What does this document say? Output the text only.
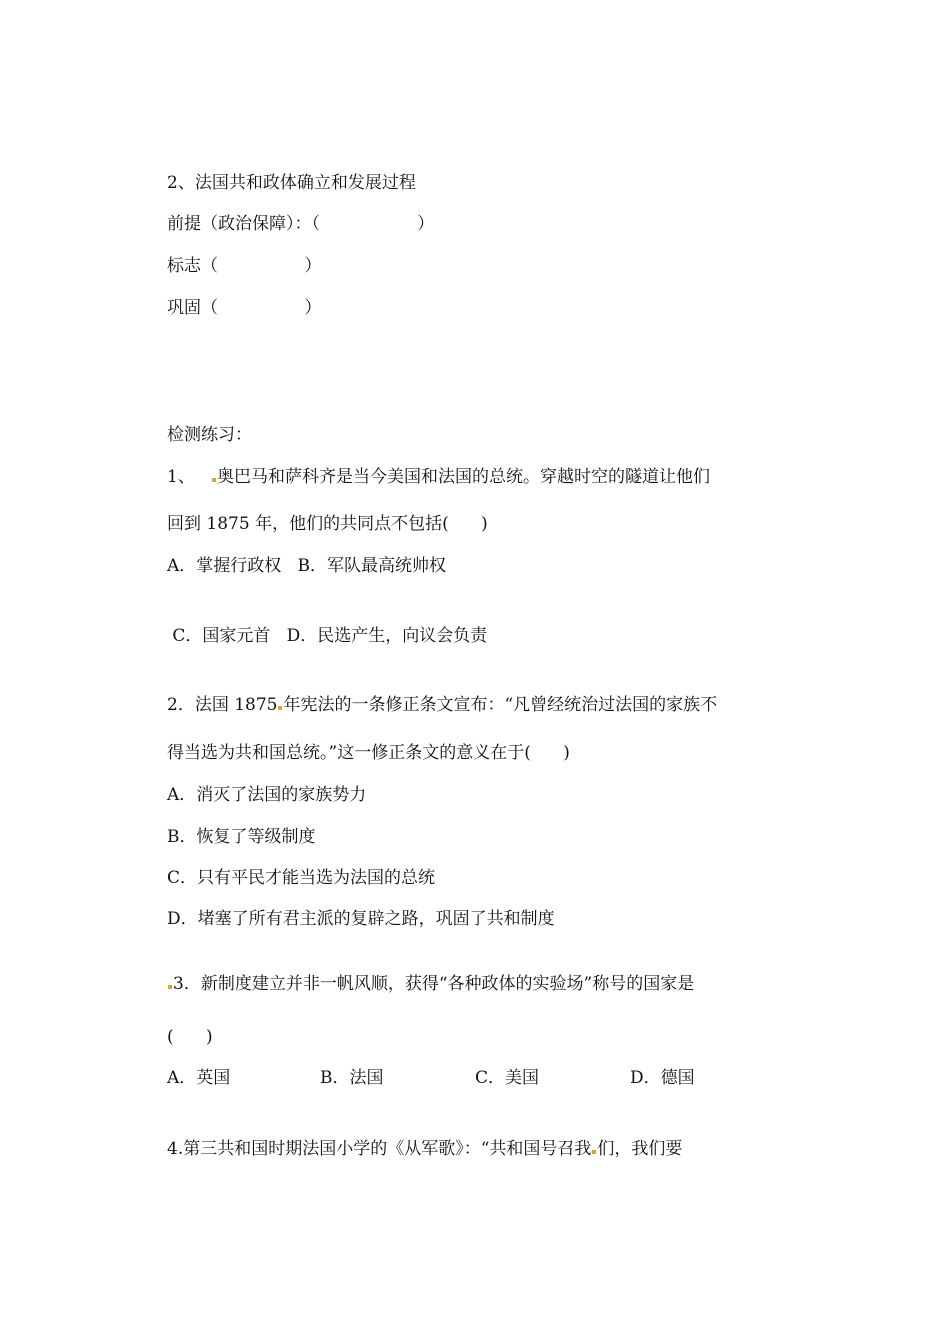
2、法国共和政体确立和发展过程
前提（政治保障）：（                  ）
标志（                ）
巩固（                ）
检测练习：
1、   奥巴马和萨科齐是当今美国和法国的总统。穿越时空的隧道让他们
回到 1875 年，他们的共同点不包括(      )
A．掌握行政权   B．军队最高统帅权
C．国家元首   D．民选产生，向议会负责
2．法国 1875 年宪法的一条修正条文宣布：“凡曾经统治过法国的家族不
得当选为共和国总统。”这一修正条文的意义在于(      )
A．消灭了法国的家族势力
B．恢复了等级制度
C．只有平民才能当选为法国的总统
D．堵塞了所有君主派的复辟之路，巩固了共和制度
3．新制度建立并非一帆风顺，获得“各种政体的实验场”称号的国家是
(      )
A．英国	B．法国	C．美国	D．德国
4.第三共和国时期法国小学的《从军歌》：“共和国号召我 们，我们要
